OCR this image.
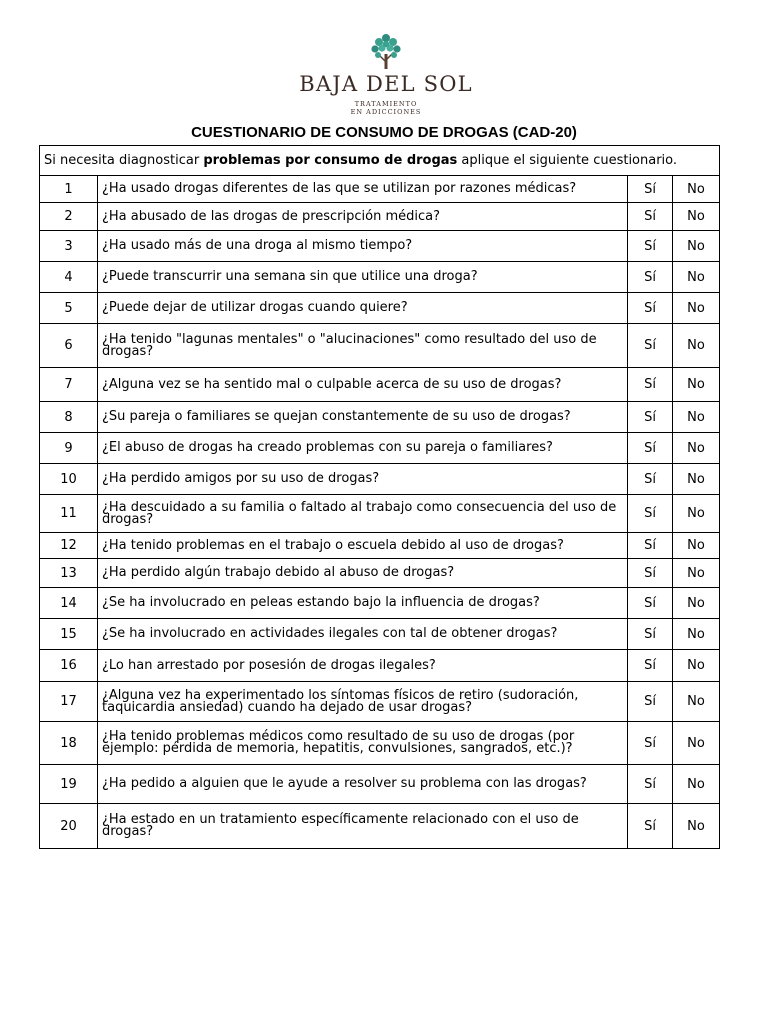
BAJA DEL SOL
TRATAMIENTO
EN ADICCIONES
CUESTIONARIO DE CONSUMO DE DROGAS (CAD-20)
Si necesita diagnosticar problemas por consumo de drogas aplique el siguiente cuestionario.			
1	¿Ha usado drogas diferentes de las que se utilizan por razones médicas?	Sí	No
2	¿Ha abusado de las drogas de prescripción médica?	Sí	No
3	¿Ha usado más de una droga al mismo tiempo?	Sí	No
4	¿Puede transcurrir una semana sin que utilice una droga?	Sí	No
5	¿Puede dejar de utilizar drogas cuando quiere?	Sí	No
6	¿Ha tenido "lagunas mentales" o "alucinaciones" como resultado del uso de drogas?	Sí	No
7	¿Alguna vez se ha sentido mal o culpable acerca de su uso de drogas?	Sí	No
8	¿Su pareja o familiares se quejan constantemente de su uso de drogas?	Sí	No
9	¿El abuso de drogas ha creado problemas con su pareja o familiares?	Sí	No
10	¿Ha perdido amigos por su uso de drogas?	Sí	No
11	¿Ha descuidado a su familia o faltado al trabajo como consecuencia del uso de drogas?	Sí	No
12	¿Ha tenido problemas en el trabajo o escuela debido al uso de drogas?	Sí	No
13	¿Ha perdido algún trabajo debido al abuso de drogas?	Sí	No
14	¿Se ha involucrado en peleas estando bajo la influencia de drogas?	Sí	No
15	¿Se ha involucrado en actividades ilegales con tal de obtener drogas?	Sí	No
16	¿Lo han arrestado por posesión de drogas ilegales?	Sí	No
17	¿Alguna vez ha experimentado los síntomas físicos de retiro (sudoración, taquicardia ansiedad) cuando ha dejado de usar drogas?	Sí	No
18	¿Ha tenido problemas médicos como resultado de su uso de drogas (por ejemplo: pérdida de memoria, hepatitis, convulsiones, sangrados, etc.)?	Sí	No
19	¿Ha pedido a alguien que le ayude a resolver su problema con las drogas?	Sí	No
20	¿Ha estado en un tratamiento específicamente relacionado con el uso de drogas?	Sí	No
